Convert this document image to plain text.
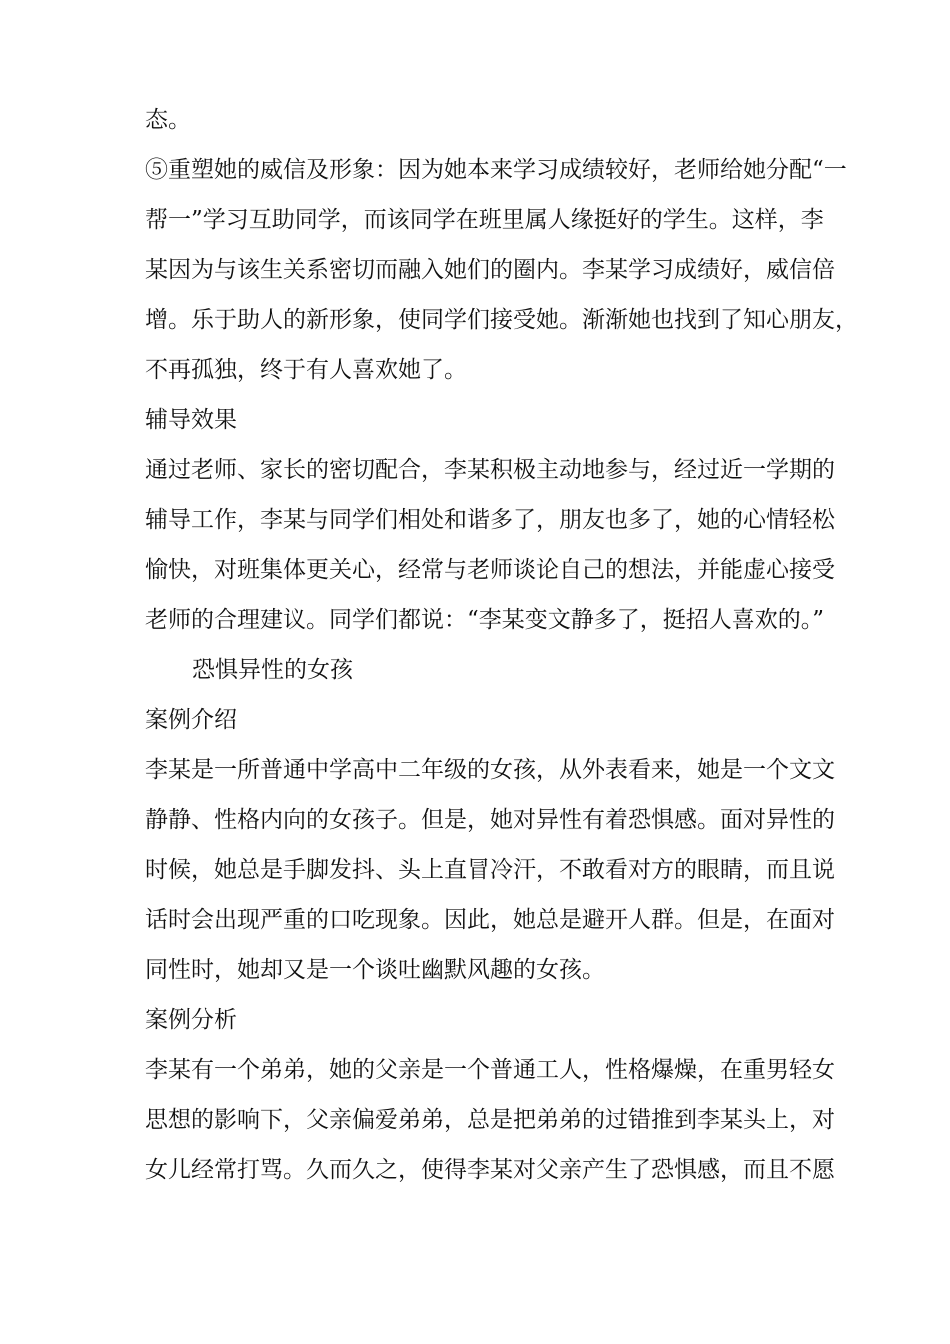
态。
⑤重塑她的威信及形象：因为她本来学习成绩较好，老师给她分配“一
帮一”学习互助同学，而该同学在班里属人缘挺好的学生。这样，李
某因为与该生关系密切而融入她们的圈内。李某学习成绩好，威信倍
增。乐于助人的新形象，使同学们接受她。渐渐她也找到了知心朋友，
不再孤独，终于有人喜欢她了。
辅导效果
通过老师、家长的密切配合，李某积极主动地参与，经过近一学期的
辅导工作，李某与同学们相处和谐多了，朋友也多了，她的心情轻松
愉快，对班集体更关心，经常与老师谈论自己的想法，并能虚心接受
老师的合理建议。同学们都说：“李某变文静多了，挺招人喜欢的。”
恐惧异性的女孩
案例介绍
李某是一所普通中学高中二年级的女孩，从外表看来，她是一个文文
静静、性格内向的女孩子。但是，她对异性有着恐惧感。面对异性的
时候，她总是手脚发抖、头上直冒冷汗，不敢看对方的眼睛，而且说
话时会出现严重的口吃现象。因此，她总是避开人群。但是，在面对
同性时，她却又是一个谈吐幽默风趣的女孩。
案例分析
李某有一个弟弟，她的父亲是一个普通工人，性格爆燥，在重男轻女
思想的影响下，父亲偏爱弟弟，总是把弟弟的过错推到李某头上，对
女儿经常打骂。久而久之，使得李某对父亲产生了恐惧感，而且不愿
